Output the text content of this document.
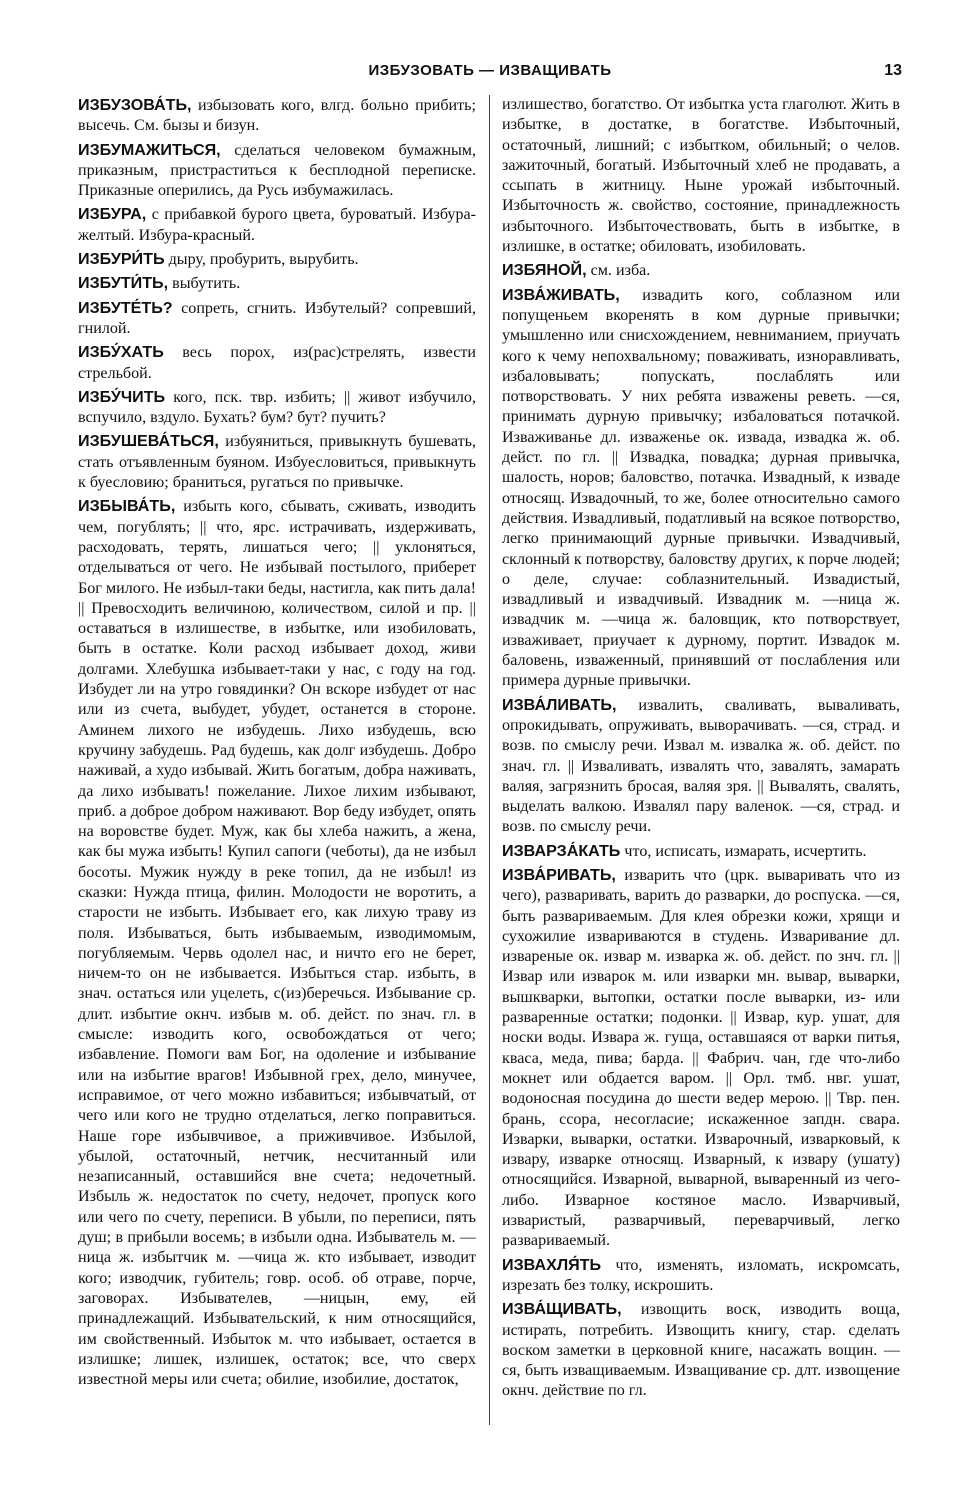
ИЗБУЗОВАТЬ — ИЗВАЩИВАТЬ	13

ИЗБУЗОВА́ТЬ, избызовать кого, влгд. больно прибить; высечь. См. бызы и бизун.

ИЗБУМАЖИТЬСЯ, сделаться человеком бумажным, приказным, пристраститься к бесплодной переписке. Приказные оперились, да Русь избумажилась.

ИЗБУРА, с прибавкой бурого цвета, буроватый. Избура-желтый. Избура-красный.

ИЗБУРИ́ТЬ дыру, пробурить, вырубить.

ИЗБУТИ́ТЬ, выбутить.

ИЗБУТЕ́ТЬ? сопреть, сгнить. Избутелый? сопревший, гнилой.

ИЗБУ́ХАТЬ весь порох, из(рас)стрелять, извести стрельбой.

ИЗБУ́ЧИТЬ кого, пск. твр. избить; || живот избучило, вспучило, вздуло. Бухать? бум? бут? пучить?

ИЗБУШЕВА́ТЬСЯ, избуяниться, привыкнуть бушевать, стать отъявленным буяном. Избуесловиться, привыкнуть к буесловию; браниться, ругаться по привычке.

ИЗБЫВА́ТЬ, избыть кого, сбывать, сживать, изводить чем, погублять; || что, ярс. истрачивать, издерживать, расходовать, терять, лишаться чего; || уклоняться, отделываться от чего. Не избывай постылого, приберет Бог милого. Не избыл-таки беды, настигла, как пить дала! || Превосходить величиною, количеством, силой и пр. || оставаться в излишестве, в избытке, или изобиловать, быть в остатке. Коли расход избывает доход, живи долгами. Хлебушка избывает-таки у нас, с году на год. Избудет ли на утро говядинки? Он вскоре избудет от нас или из счета, выбудет, убудет, останется в стороне. Аминем лихого не избудешь. Лихо избудешь, всю кручину забудешь. Рад будешь, как долг избудешь. Добро наживай, а худо избывай. Жить богатым, добра наживать, да лихо избывать! пожелание. Лихое лихим избывают, приб. а доброе добром наживают. Вор беду избудет, опять на воровстве будет. Муж, как бы хлеба нажить, а жена, как бы мужа избыть! Купил сапоги (чеботы), да не избыл босоты. Мужик нужду в реке топил, да не избыл! из сказки: Нужда птица, филин. Молодости не воротить, а старости не избыть. Избывает его, как лихую траву из поля. Избываться, быть избываемым, изводимомым, погубляемым. Червь одолел нас, и ничто его не берет, ничем-то он не избывается. Избыться стар. избыть, в знач. остаться или уцелеть, с(из)беречься. Избывание ср. длит. избытие окнч. избыв м. об. дейст. по знач. гл. в смысле: изводить кого, освобождаться от чего; избавление. Помоги вам Бог, на одоление и избывание или на избытие врагов! Избывной грех, дело, минучее, исправимое, от чего можно избавиться; избывчатый, от чего или кого не трудно отделаться, легко поправиться. Наше горе избывчивое, а приживчивое. Избылой, убылой, остаточный, нетчик, несчитанный или незаписанный, оставшийся вне счета; недочетный. Избыль ж. недостаток по счету, недочет, пропуск кого или чего по счету, переписи. В убыли, по переписи, пять душ; в прибыли восемь; в избыли одна. Избыватель м. —ница ж. избытчик м. —чица ж. кто избывает, изводит кого; изводчик, губитель; говр. особ. об отраве, порче, заговорах. Избывателев, —ницын, ему, ей принадлежащий. Избывательский, к ним относящийся, им свойственный. Избыток м. что избывает, остается в излишке; лишек, излишек, остаток; все, что сверх известной меры или счета; обилие, изобилие, достаток,

излишество, богатство. От избытка уста глаголют. Жить в избытке, в достатке, в богатстве. Избыточный, остаточный, лишний; с избытком, обильный; о челов. зажиточный, богатый. Избыточный хлеб не продавать, а ссыпать в житницу. Ныне урожай избыточный. Избыточность ж. свойство, состояние, принадлежность избыточного. Избыточествовать, быть в избытке, в излишке, в остатке; обиловать, изобиловать.

ИЗБЯНОЙ, см. изба.

ИЗВА́ЖИВАТЬ, извадить кого, соблазном или попущеньем вкоренять в ком дурные привычки; умышленно или снисхождением, невниманием, приучать кого к чему непохвальному; поваживать, изнoравливать, избаловывать; попускать, послаблять или потворствовать. У них ребята изважены реветь. —ся, принимать дурную привычку; избаловаться потачкой. Изваживанье дл. изваженье ок. извада, извадка ж. об. дейст. по гл. || Извадка, повадка; дурная привычка, шалость, норов; баловство, потачка. Извадный, к изваде относящ. Извадочный, то же, более относительно самого действия. Извадливый, податливый на всякое потворство, легко принимающий дурные привычки. Извадчивый, склонный к потворству, баловству других, к порче людей; о деле, случае: соблазнительный. Извадистый, извадливый и извадчивый. Извадник м. —ница ж. извадчик м. —чица ж. баловщик, кто потворствует, изваживает, приучает к дурному, портит. Извадок м. баловень, изваженный, принявший от послабления или примера дурные привычки.

ИЗВА́ЛИВАТЬ, извалить, сваливать, вываливать, опрокидывать, опруживать, выворачивать. —ся, страд. и возв. по смыслу речи. Извал м. извалка ж. об. дейст. по знач. гл. || Изваливать, извалять что, завалять, замарать валяя, загрязнить бросая, валяя зря. || Вывалять, свалять, выделать валкою. Извалял пару валенок. —ся, страд. и возв. по смыслу речи.

ИЗВАРЗА́КАТЬ что, исписать, измарать, исчертить.

ИЗВА́РИВАТЬ, изварить что (црк. вываривать что из чего), разваривать, варить до разварки, до роспуска. —ся, быть развариваемым. Для клея обрезки кожи, хрящи и сухожилие извариваются в студень. Изваривание дл. извареные ок. извар м. изварка ж. об. дейст. по знч. гл. || Извар или изварок м. или изварки мн. вывар, выварки, вышкварки, вытопки, остатки после выварки, из- или разваренные остатки; подонки. || Извар, кур. ушат, для носки воды. Извара ж. гуща, оставшаяся от варки питья, кваса, меда, пива; барда. || Фабрич. чан, где что-либо мокнет или обдается варом. || Орл. тмб. нвг. ушат, водоносная посудина до шести ведер мерою. || Твр. пен. брань, ссора, несогласие; искаженное запдн. свара. Изварки, выварки, остатки. Изварочный, изварковый, к извару, изваркe относящ. Изварный, к извару (ушату) относящийся. Изварной, выварной, вываренный из чего-либо. Изварное костяное масло. Изварчивый, изваристый, разварчивый, переварчивый, легко развариваемый.

ИЗВАХЛЯ́ТЬ что, изменять, изломать, искромсать, изрезать без толку, искрошить.

ИЗВА́ЩИВАТЬ, извощить воск, изводить воща, истирать, потребить. Извощить книгу, стар. сделать воском заметки в церковной книге, насажать вощин. —ся, быть изващиваемым. Изващивание ср. длт. извощение окнч. действие по гл.
